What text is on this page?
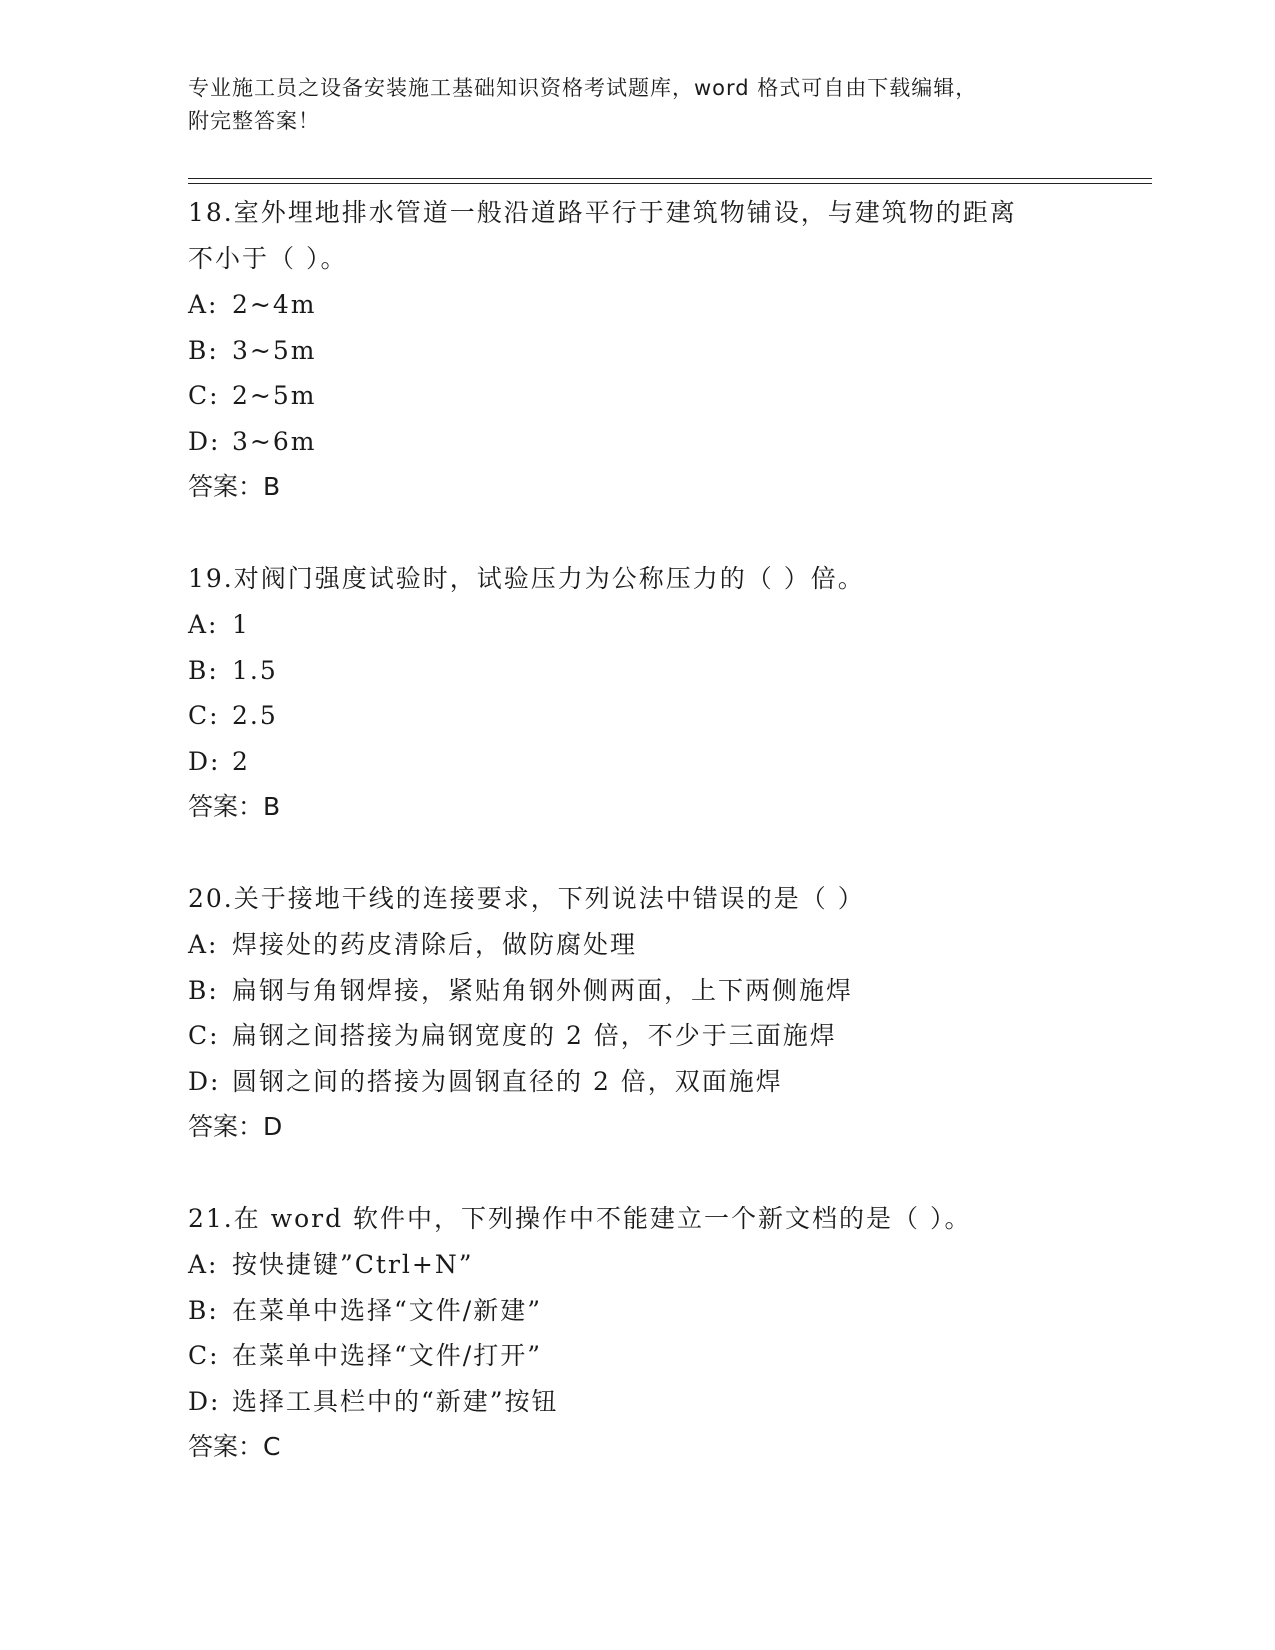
专业施工员之设备安装施工基础知识资格考试题库，word 格式可自由下载编辑，
附完整答案！
18.室外埋地排水管道一般沿道路平行于建筑物铺设，与建筑物的距离
不小于（ ）。
A: 2~4m
B: 3~5m
C: 2~5m
D: 3~6m
答案：B
19.对阀门强度试验时，试验压力为公称压力的（ ）倍。
A: 1
B: 1.5
C: 2.5
D: 2
答案：B
20.关于接地干线的连接要求，下列说法中错误的是（ ）
A: 焊接处的药皮清除后，做防腐处理
B: 扁钢与角钢焊接，紧贴角钢外侧两面，上下两侧施焊
C: 扁钢之间搭接为扁钢宽度的 2 倍，不少于三面施焊
D: 圆钢之间的搭接为圆钢直径的 2 倍，双面施焊
答案：D
21.在 word 软件中，下列操作中不能建立一个新文档的是（ ）。
A: 按快捷键”Ctrl+N”
B: 在菜单中选择“文件/新建”
C: 在菜单中选择“文件/打开”
D: 选择工具栏中的“新建”按钮
答案：C
